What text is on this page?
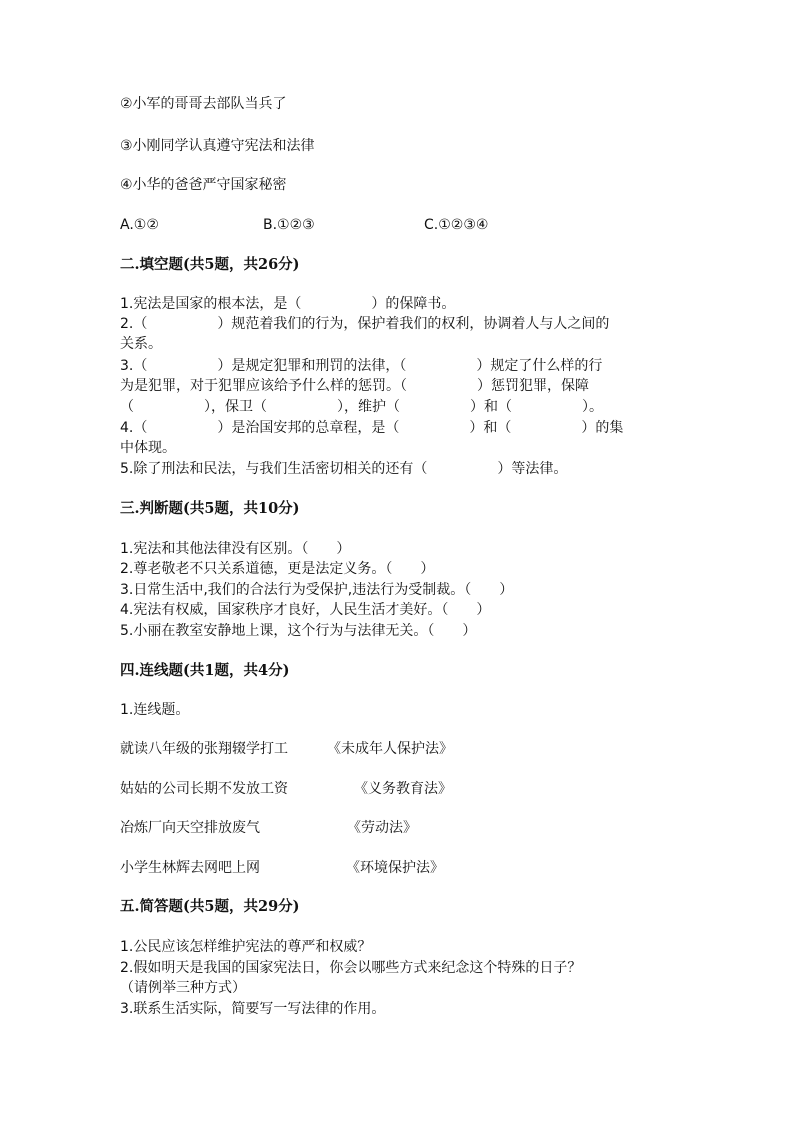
②小军的哥哥去部队当兵了
③小刚同学认真遵守宪法和法律
④小华的爸爸严守国家秘密
A.①②	B.①②③	C.①②③④
二.填空题(共5题，共26分)
1.宪法是国家的根本法，是（　　　　　）的保障书。
2.（　　　　　）规范着我们的行为，保护着我们的权利，协调着人与人之间的
关系。
3.（　　　　　）是规定犯罪和刑罚的法律，（　　　　　）规定了什么样的行
为是犯罪，对于犯罪应该给予什么样的惩罚。（　　　　　）惩罚犯罪，保障
（　　　　　），保卫（　　　　　），维护（　　　　　）和（　　　　　）。
4.（　　　　　）是治国安邦的总章程，是（　　　　　）和（　　　　　）的集
中体现。
5.除了刑法和民法，与我们生活密切相关的还有（　　　　　）等法律。
三.判断题(共5题，共10分)
1.宪法和其他法律没有区别。（　　）
2.尊老敬老不只关系道德，更是法定义务。（　　）
3.日常生活中,我们的合法行为受保护,违法行为受制裁。（　　）
4.宪法有权威，国家秩序才良好，人民生活才美好。（　　）
5.小丽在教室安静地上课，这个行为与法律无关。（　　）
四.连线题(共1题，共4分)
1.连线题。
就读八年级的张翔辍学打工	《未成年人保护法》
姑姑的公司长期不发放工资	《义务教育法》
冶炼厂向天空排放废气	《劳动法》
小学生林辉去网吧上网	《环境保护法》
五.简答题(共5题，共29分)
1.公民应该怎样维护宪法的尊严和权威？
2.假如明天是我国的国家宪法日，你会以哪些方式来纪念这个特殊的日子？
（请例举三种方式）
3.联系生活实际，简要写一写法律的作用。
